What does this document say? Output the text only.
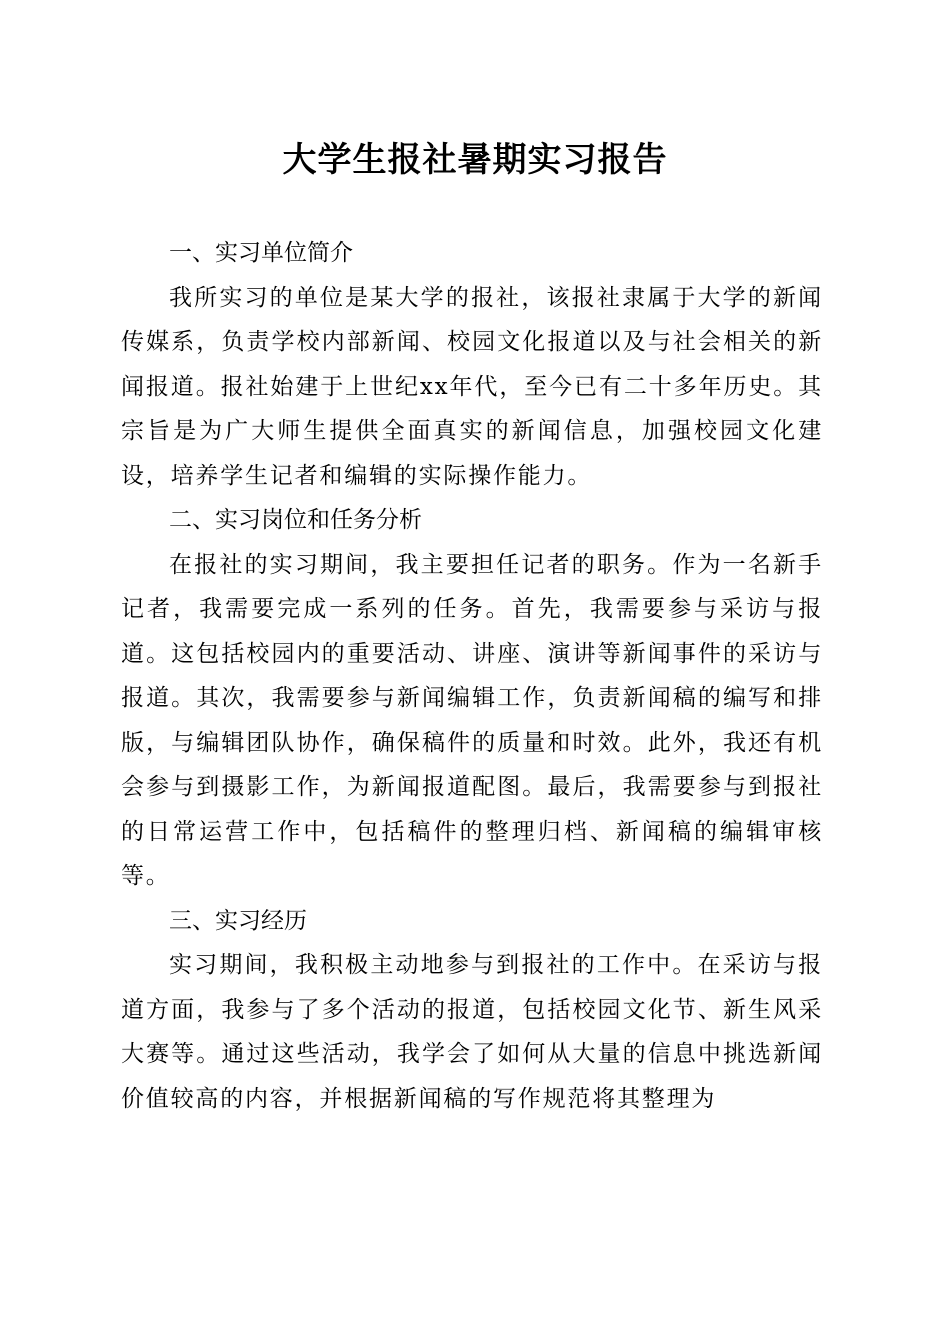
大学生报社暑期实习报告
一、实习单位简介

我所实习的单位是某大学的报社，该报社隶属于大学的新闻传媒系，负责学校内部新闻、校园文化报道以及与社会相关的新闻报道。报社始建于上世纪xx年代，至今已有二十多年历史。其宗旨是为广大师生提供全面真实的新闻信息，加强校园文化建设，培养学生记者和编辑的实际操作能力。

二、实习岗位和任务分析

在报社的实习期间，我主要担任记者的职务。作为一名新手记者，我需要完成一系列的任务。首先，我需要参与采访与报道。这包括校园内的重要活动、讲座、演讲等新闻事件的采访与报道。其次，我需要参与新闻编辑工作，负责新闻稿的编写和排版，与编辑团队协作，确保稿件的质量和时效。此外，我还有机会参与到摄影工作，为新闻报道配图。最后，我需要参与到报社的日常运营工作中，包括稿件的整理归档、新闻稿的编辑审核等。

三、实习经历

实习期间，我积极主动地参与到报社的工作中。在采访与报道方面，我参与了多个活动的报道，包括校园文化节、新生风采大赛等。通过这些活动，我学会了如何从大量的信息中挑选新闻价值较高的内容，并根据新闻稿的写作规范将其整理为
